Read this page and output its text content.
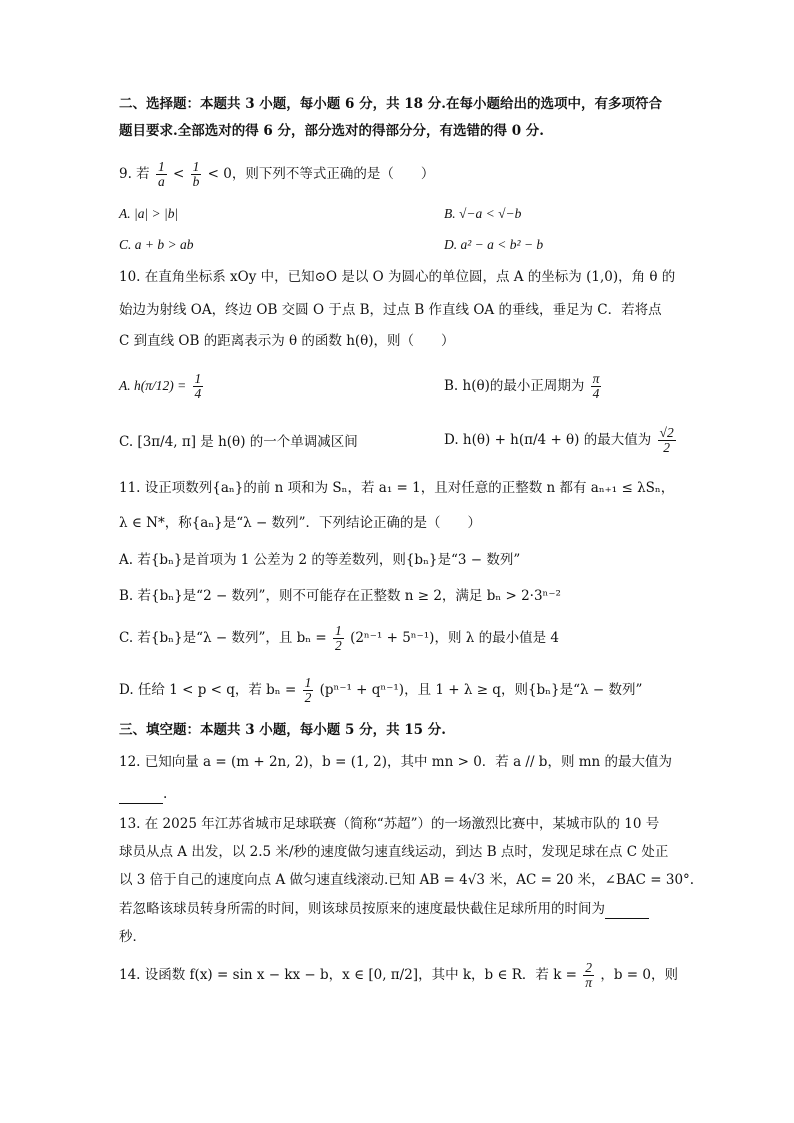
二、选择题：本题共 3 小题，每小题 6 分，共 18 分.在每小题给出的选项中，有多项符合
题目要求.全部选对的得 6 分，部分选对的得部分分，有选错的得 0 分.
9. 若 $\frac{1}{a} < \frac{1}{b} < 0$，则下列不等式正确的是（　　）
A. |a| > |b|	B. √−a < √−b
C. a + b > ab	D. a² − a < b² − b
10. 在直角坐标系 xOy 中，已知⊙O 是以 O 为圆心的单位圆，点 A 的坐标为 (1,0)，角 θ 的
始边为射线 OA，终边 OB 交圆 O 于点 B，过点 B 作直线 OA 的垂线，垂足为 C．若将点
C 到直线 OB 的距离表示为 θ 的函数 h(θ)，则（　　）
A. $h(\pi/12) = \frac{1}{4}$	B. h(θ)的最小正周期为 $\frac{\pi}{4}$
C. [3π/4, π] 是 h(θ) 的一个单调减区间	D. h(θ) + h(π/4 + θ) 的最大值为 $\frac{√2}{2}$
11. 设正项数列{aₙ}的前 n 项和为 Sₙ，若 a₁ = 1，且对任意的正整数 n 都有 aₙ₊₁ ≤ λSₙ，
λ ∈ N*，称{aₙ}是“λ − 数列”．下列结论正确的是（　　）
A. 若{bₙ}是首项为 1 公差为 2 的等差数列，则{bₙ}是“3 − 数列”
B. 若{bₙ}是“2 − 数列”，则不可能存在正整数 n ≥ 2，满足 bₙ > 2·3ⁿ⁻²
C. 若{bₙ}是“λ − 数列”，且 $b_n = \frac{1}{2} (2^{n-1} + 5^{n-1})$，则 λ 的最小值是 4
D. 任给 1 < p < q，若 $b_n = \frac{1}{2} (p^{n-1} + q^{n-1})$，且 1 + λ ≥ q，则{bₙ}是“λ − 数列”
三、填空题：本题共 3 小题，每小题 5 分，共 15 分.
12. 已知向量 a = (m + 2n, 2)，b = (1, 2)，其中 mn > 0．若 a // b，则 mn 的最大值为
.
13. 在 2025 年江苏省城市足球联赛（简称“苏超”）的一场激烈比赛中，某城市队的 10 号
球员从点 A 出发，以 2.5 米/秒的速度做匀速直线运动，到达 B 点时，发现足球在点 C 处正
以 3 倍于自己的速度向点 A 做匀速直线滚动.已知 AB = 4√3 米，AC = 20 米，∠BAC = 30°.
若忽略该球员转身所需的时间，则该球员按原来的速度最快截住足球所用的时间为
秒．
14. 设函数 f(x) = sin x − kx − b，x ∈ [0, π/2]，其中 k，b ∈ R．若 $k = \frac{2}{\pi}$ ，b = 0，则
